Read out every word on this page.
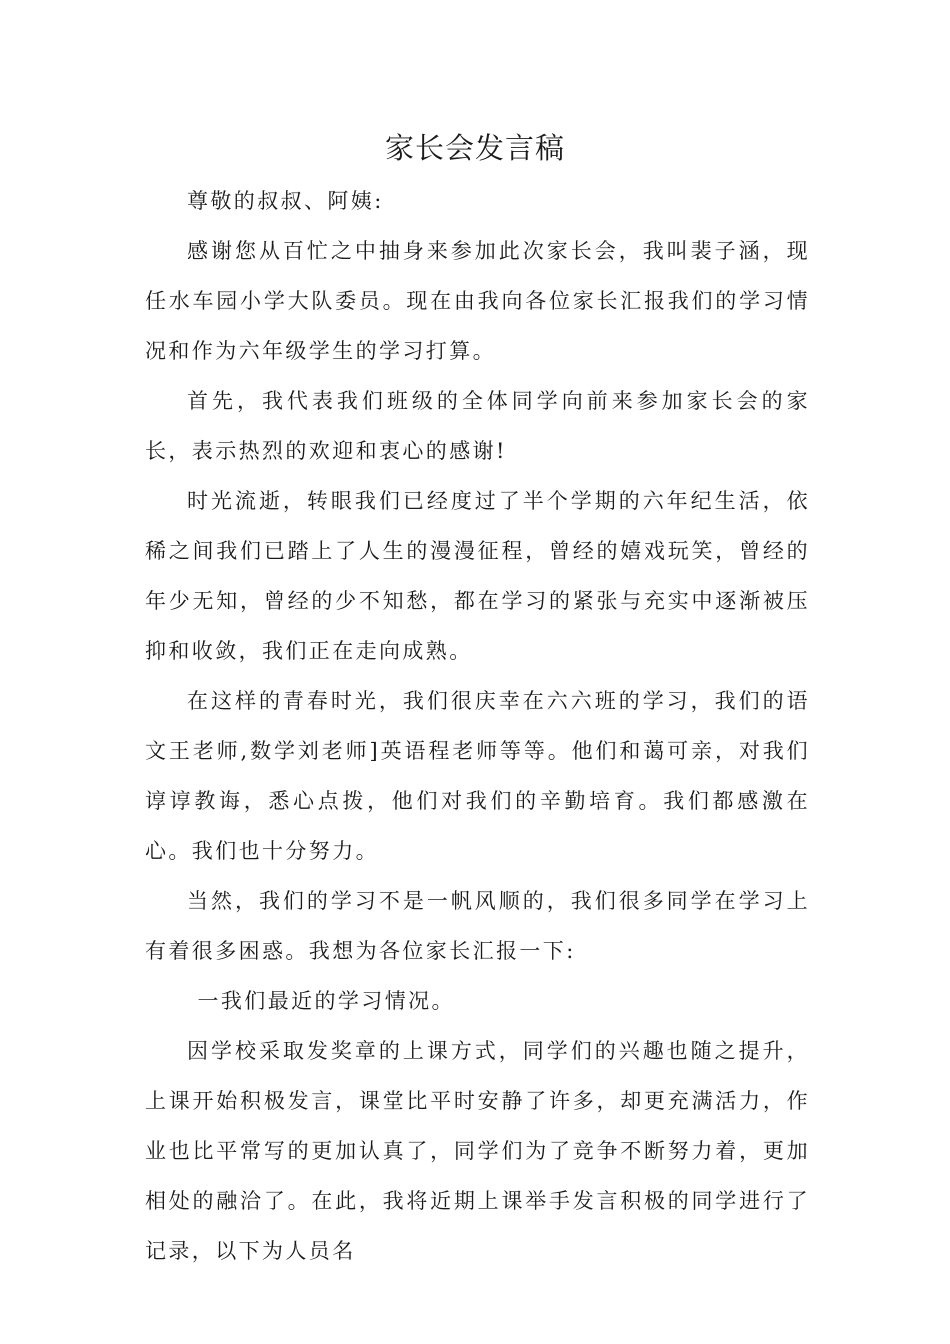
家长会发言稿

尊敬的叔叔、阿姨:

感谢您从百忙之中抽身来参加此次家长会，我叫裴子涵，现任水车园小学大队委员。现在由我向各位家长汇报我们的学习情况和作为六年级学生的学习打算。

首先，我代表我们班级的全体同学向前来参加家长会的家长，表示热烈的欢迎和衷心的感谢!

时光流逝，转眼我们已经度过了半个学期的六年纪生活，依稀之间我们已踏上了人生的漫漫征程，曾经的嬉戏玩笑，曾经的年少无知，曾经的少不知愁，都在学习的紧张与充实中逐渐被压抑和收敛，我们正在走向成熟。

在这样的青春时光，我们很庆幸在六六班的学习，我们的语文王老师,数学刘老师]英语程老师等等。他们和蔼可亲，对我们谆谆教诲，悉心点拨，他们对我们的辛勤培育。我们都感激在心。我们也十分努力。

当然，我们的学习不是一帆风顺的，我们很多同学在学习上有着很多困惑。我想为各位家长汇报一下:

一我们最近的学习情况。

因学校采取发奖章的上课方式，同学们的兴趣也随之提升，上课开始积极发言，课堂比平时安静了许多，却更充满活力，作业也比平常写的更加认真了，同学们为了竞争不断努力着，更加相处的融洽了。在此，我将近期上课举手发言积极的同学进行了记录，以下为人员名
